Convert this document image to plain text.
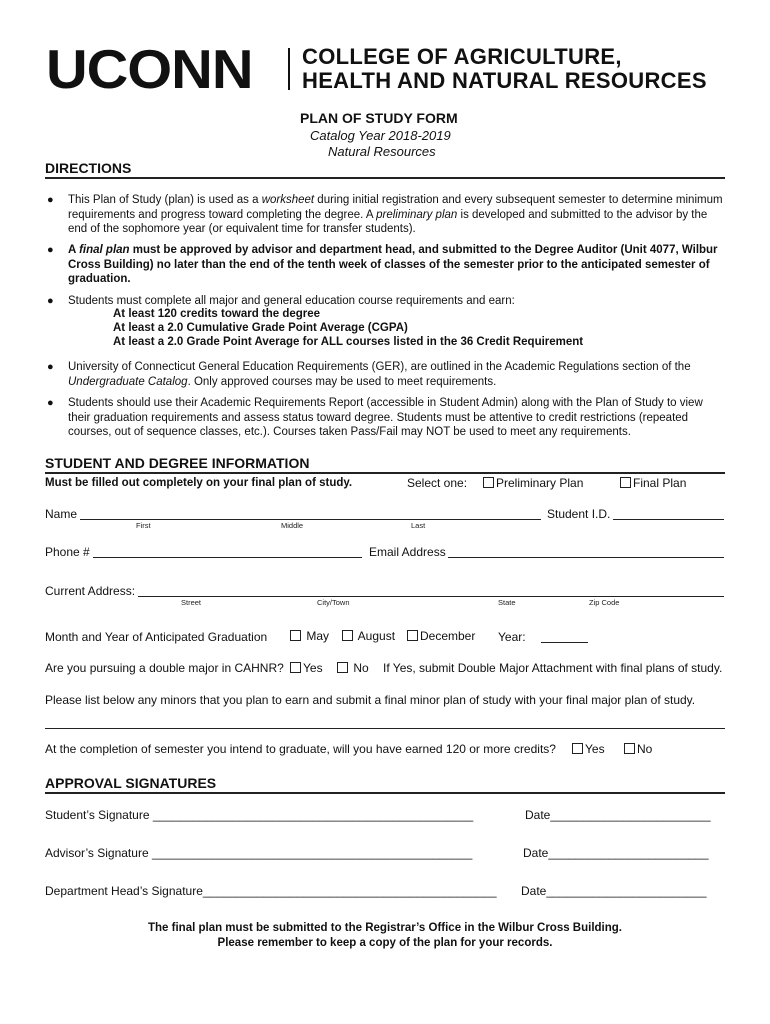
UCONN COLLEGE OF AGRICULTURE,
HEALTH AND NATURAL RESOURCES
PLAN OF STUDY FORM
Catalog Year 2018-2019
Natural Resources
DIRECTIONS
● This Plan of Study (plan) is used as a worksheet during initial registration and every subsequent semester to determine minimum requirements and progress toward completing the degree. A preliminary plan is developed and submitted to the advisor by the end of the sophomore year (or equivalent time for transfer students).
● A final plan must be approved by advisor and department head, and submitted to the Degree Auditor (Unit 4077, Wilbur Cross Building) no later than the end of the tenth week of classes of the semester prior to the anticipated semester of graduation.
● Students must complete all major and general education course requirements and earn:
At least 120 credits toward the degree
At least a 2.0 Cumulative Grade Point Average (CGPA)
At least a 2.0 Grade Point Average for ALL courses listed in the 36 Credit Requirement
● University of Connecticut General Education Requirements (GER), are outlined in the Academic Regulations section of the Undergraduate Catalog. Only approved courses may be used to meet requirements.
● Students should use their Academic Requirements Report (accessible in Student Admin) along with the Plan of Study to view their graduation requirements and assess status toward degree. Students must be attentive to credit restrictions (repeated courses, out of sequence classes, etc.). Courses taken Pass/Fail may NOT be used to meet any requirements.
STUDENT AND DEGREE INFORMATION
Must be filled out completely on your final plan of study.	Select one:	Preliminary Plan	Final Plan
Name
First	Middle	Last
Student I.D.
Phone #	Email Address
Current Address:
Street	City/Town	State	Zip Code
Month and Year of Anticipated Graduation	May	August	December Year:
Are you pursuing a double major in CAHNR?	Yes	No If Yes, submit Double Major Attachment with final plans of study.
Please list below any minors that you plan to earn and submit a final minor plan of study with your final major plan of study.
At the completion of semester you intend to graduate, will you have earned 120 or more credits?	Yes	No
APPROVAL SIGNATURES
Student’s Signature ________________________________________________	Date________________________
Advisor’s Signature ________________________________________________	Date________________________
Department Head’s Signature____________________________________________ Date________________________
The final plan must be submitted to the Registrar’s Office in the Wilbur Cross Building.
Please remember to keep a copy of the plan for your records.
